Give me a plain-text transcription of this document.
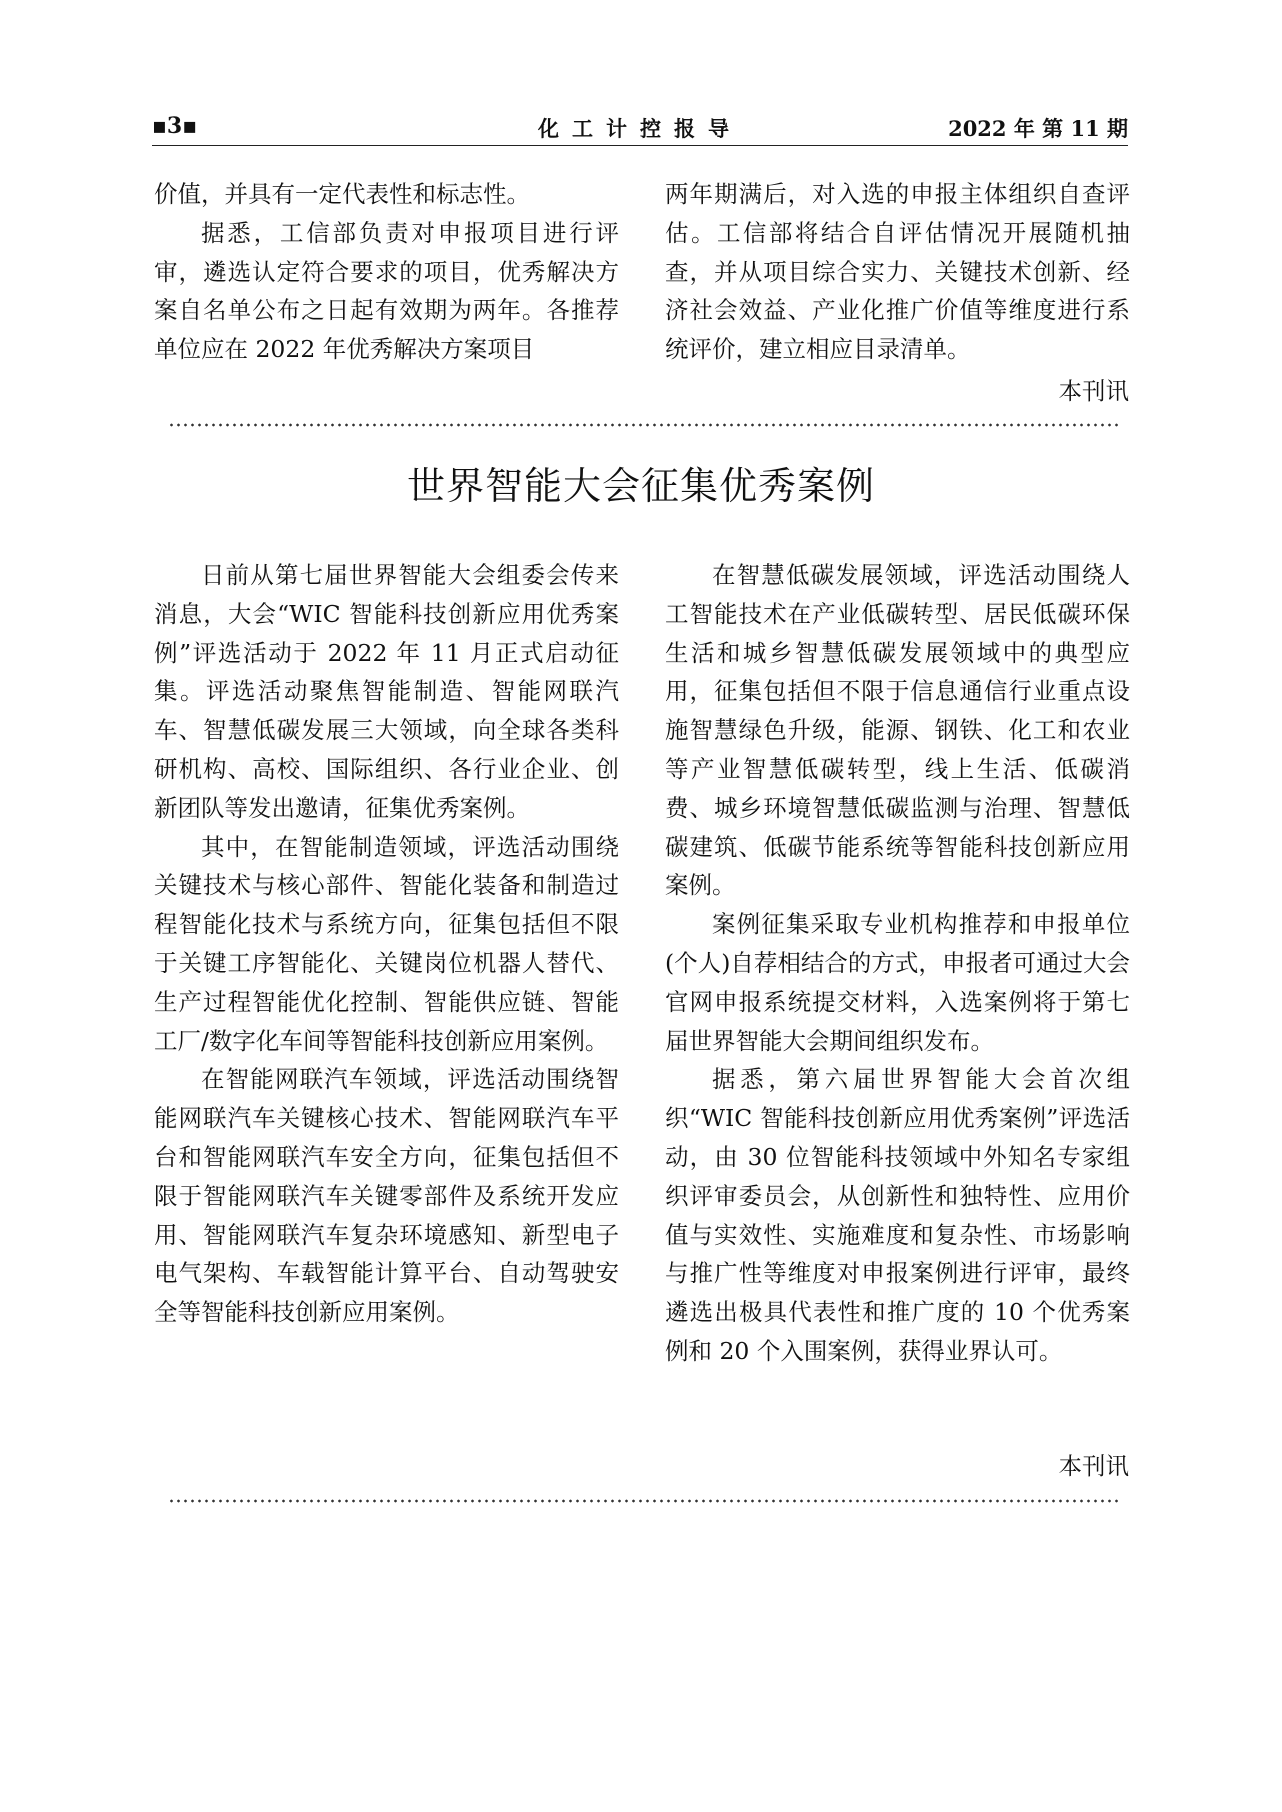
▪3▪	化工计控报导	2022 年 第 11 期

价值，并具有一定代表性和标志性。

据悉，工信部负责对申报项目进行评审，遴选认定符合要求的项目，优秀解决方案自名单公布之日起有效期为两年。各推荐单位应在 2022 年优秀解决方案项目

两年期满后，对入选的申报主体组织自查评估。工信部将结合自评估情况开展随机抽查，并从项目综合实力、关键技术创新、经济社会效益、产业化推广价值等维度进行系统评价，建立相应目录清单。

本刊讯
世界智能大会征集优秀案例

日前从第七届世界智能大会组委会传来消息，大会“WIC 智能科技创新应用优秀案例”评选活动于 2022 年 11 月正式启动征集。评选活动聚焦智能制造、智能网联汽车、智慧低碳发展三大领域，向全球各类科研机构、高校、国际组织、各行业企业、创新团队等发出邀请，征集优秀案例。

其中，在智能制造领域，评选活动围绕关键技术与核心部件、智能化装备和制造过程智能化技术与系统方向，征集包括但不限于关键工序智能化、关键岗位机器人替代、生产过程智能优化控制、智能供应链、智能工厂/数字化车间等智能科技创新应用案例。

在智能网联汽车领域，评选活动围绕智能网联汽车关键核心技术、智能网联汽车平台和智能网联汽车安全方向，征集包括但不限于智能网联汽车关键零部件及系统开发应用、智能网联汽车复杂环境感知、新型电子电气架构、车载智能计算平台、自动驾驶安全等智能科技创新应用案例。

在智慧低碳发展领域，评选活动围绕人工智能技术在产业低碳转型、居民低碳环保生活和城乡智慧低碳发展领域中的典型应用，征集包括但不限于信息通信行业重点设施智慧绿色升级，能源、钢铁、化工和农业等产业智慧低碳转型，线上生活、低碳消费、城乡环境智慧低碳监测与治理、智慧低碳建筑、低碳节能系统等智能科技创新应用案例。

案例征集采取专业机构推荐和申报单位(个人)自荐相结合的方式，申报者可通过大会官网申报系统提交材料，入选案例将于第七届世界智能大会期间组织发布。

据悉，第六届世界智能大会首次组织“WIC 智能科技创新应用优秀案例”评选活动，由 30 位智能科技领域中外知名专家组织评审委员会，从创新性和独特性、应用价值与实效性、实施难度和复杂性、市场影响与推广性等维度对申报案例进行评审，最终遴选出极具代表性和推广度的 10 个优秀案例和 20 个入围案例，获得业界认可。

本刊讯
